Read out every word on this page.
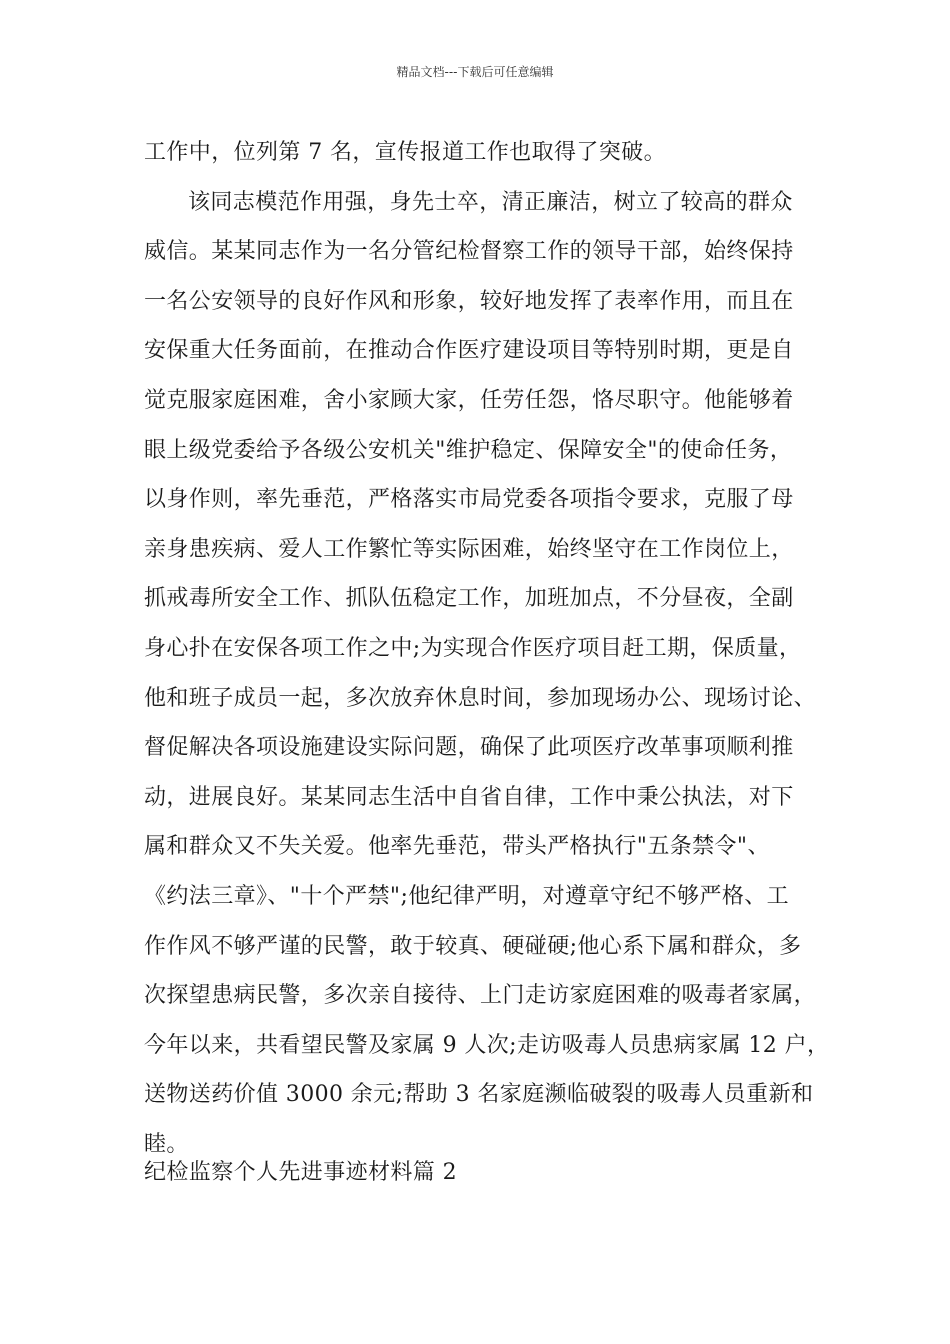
精品文档---下载后可任意编辑
工作中，位列第 7 名，宣传报道工作也取得了突破。
该同志模范作用强，身先士卒，清正廉洁，树立了较高的群众
威信。某某同志作为一名分管纪检督察工作的领导干部，始终保持
一名公安领导的良好作风和形象，较好地发挥了表率作用，而且在
安保重大任务面前，在推动合作医疗建设项目等特别时期，更是自
觉克服家庭困难，舍小家顾大家，任劳任怨，恪尽职守。他能够着
眼上级党委给予各级公安机关"维护稳定、保障安全"的使命任务，
以身作则，率先垂范，严格落实市局党委各项指令要求，克服了母
亲身患疾病、爱人工作繁忙等实际困难，始终坚守在工作岗位上，
抓戒毒所安全工作、抓队伍稳定工作，加班加点，不分昼夜，全副
身心扑在安保各项工作之中;为实现合作医疗项目赶工期，保质量，
他和班子成员一起，多次放弃休息时间，参加现场办公、现场讨论、
督促解决各项设施建设实际问题，确保了此项医疗改革事项顺利推
动，进展良好。某某同志生活中自省自律，工作中秉公执法，对下
属和群众又不失关爱。他率先垂范，带头严格执行"五条禁令"、
《约法三章》、"十个严禁";他纪律严明，对遵章守纪不够严格、工
作作风不够严谨的民警，敢于较真、硬碰硬;他心系下属和群众，多
次探望患病民警，多次亲自接待、上门走访家庭困难的吸毒者家属，
今年以来，共看望民警及家属 9 人次;走访吸毒人员患病家属 12 户，
送物送药价值 3000 余元;帮助 3 名家庭濒临破裂的吸毒人员重新和
睦。
纪检监察个人先进事迹材料篇 2
